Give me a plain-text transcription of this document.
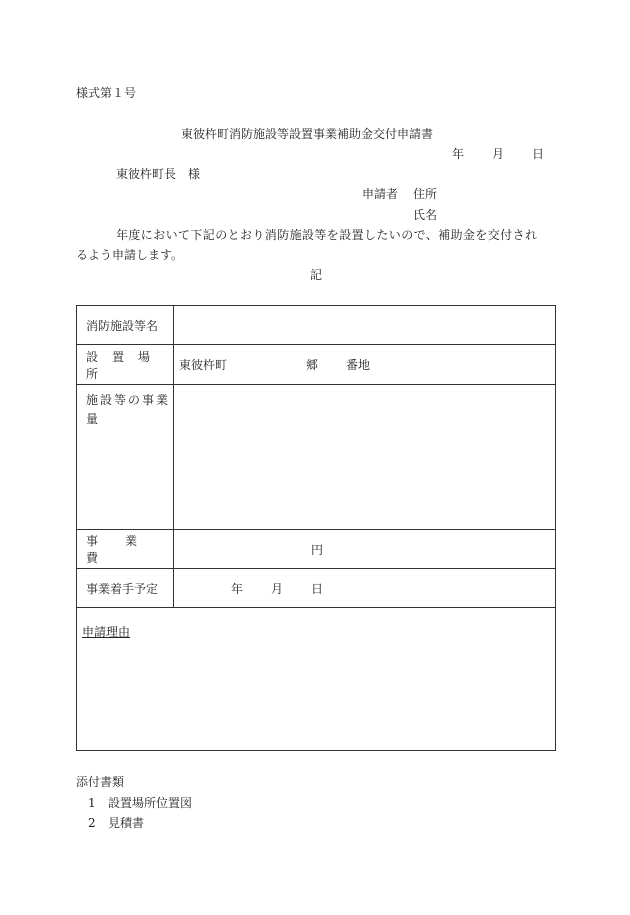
様式第１号
東彼杵町消防施設等設置事業補助金交付申請書
年 月 日
東彼杵町長　様
申請者 住所
氏名
年度において下記のとおり消防施設等を設置したいので、補助金を交付され
るよう申請します。
記
消防施設等名	
設置場所	東彼杵町 郷 番地

施設等の事業
量	

事業費	円
事業着手予定	年 月 日
申請理由	
添付書類
1 設置場所位置図
2 見積書
